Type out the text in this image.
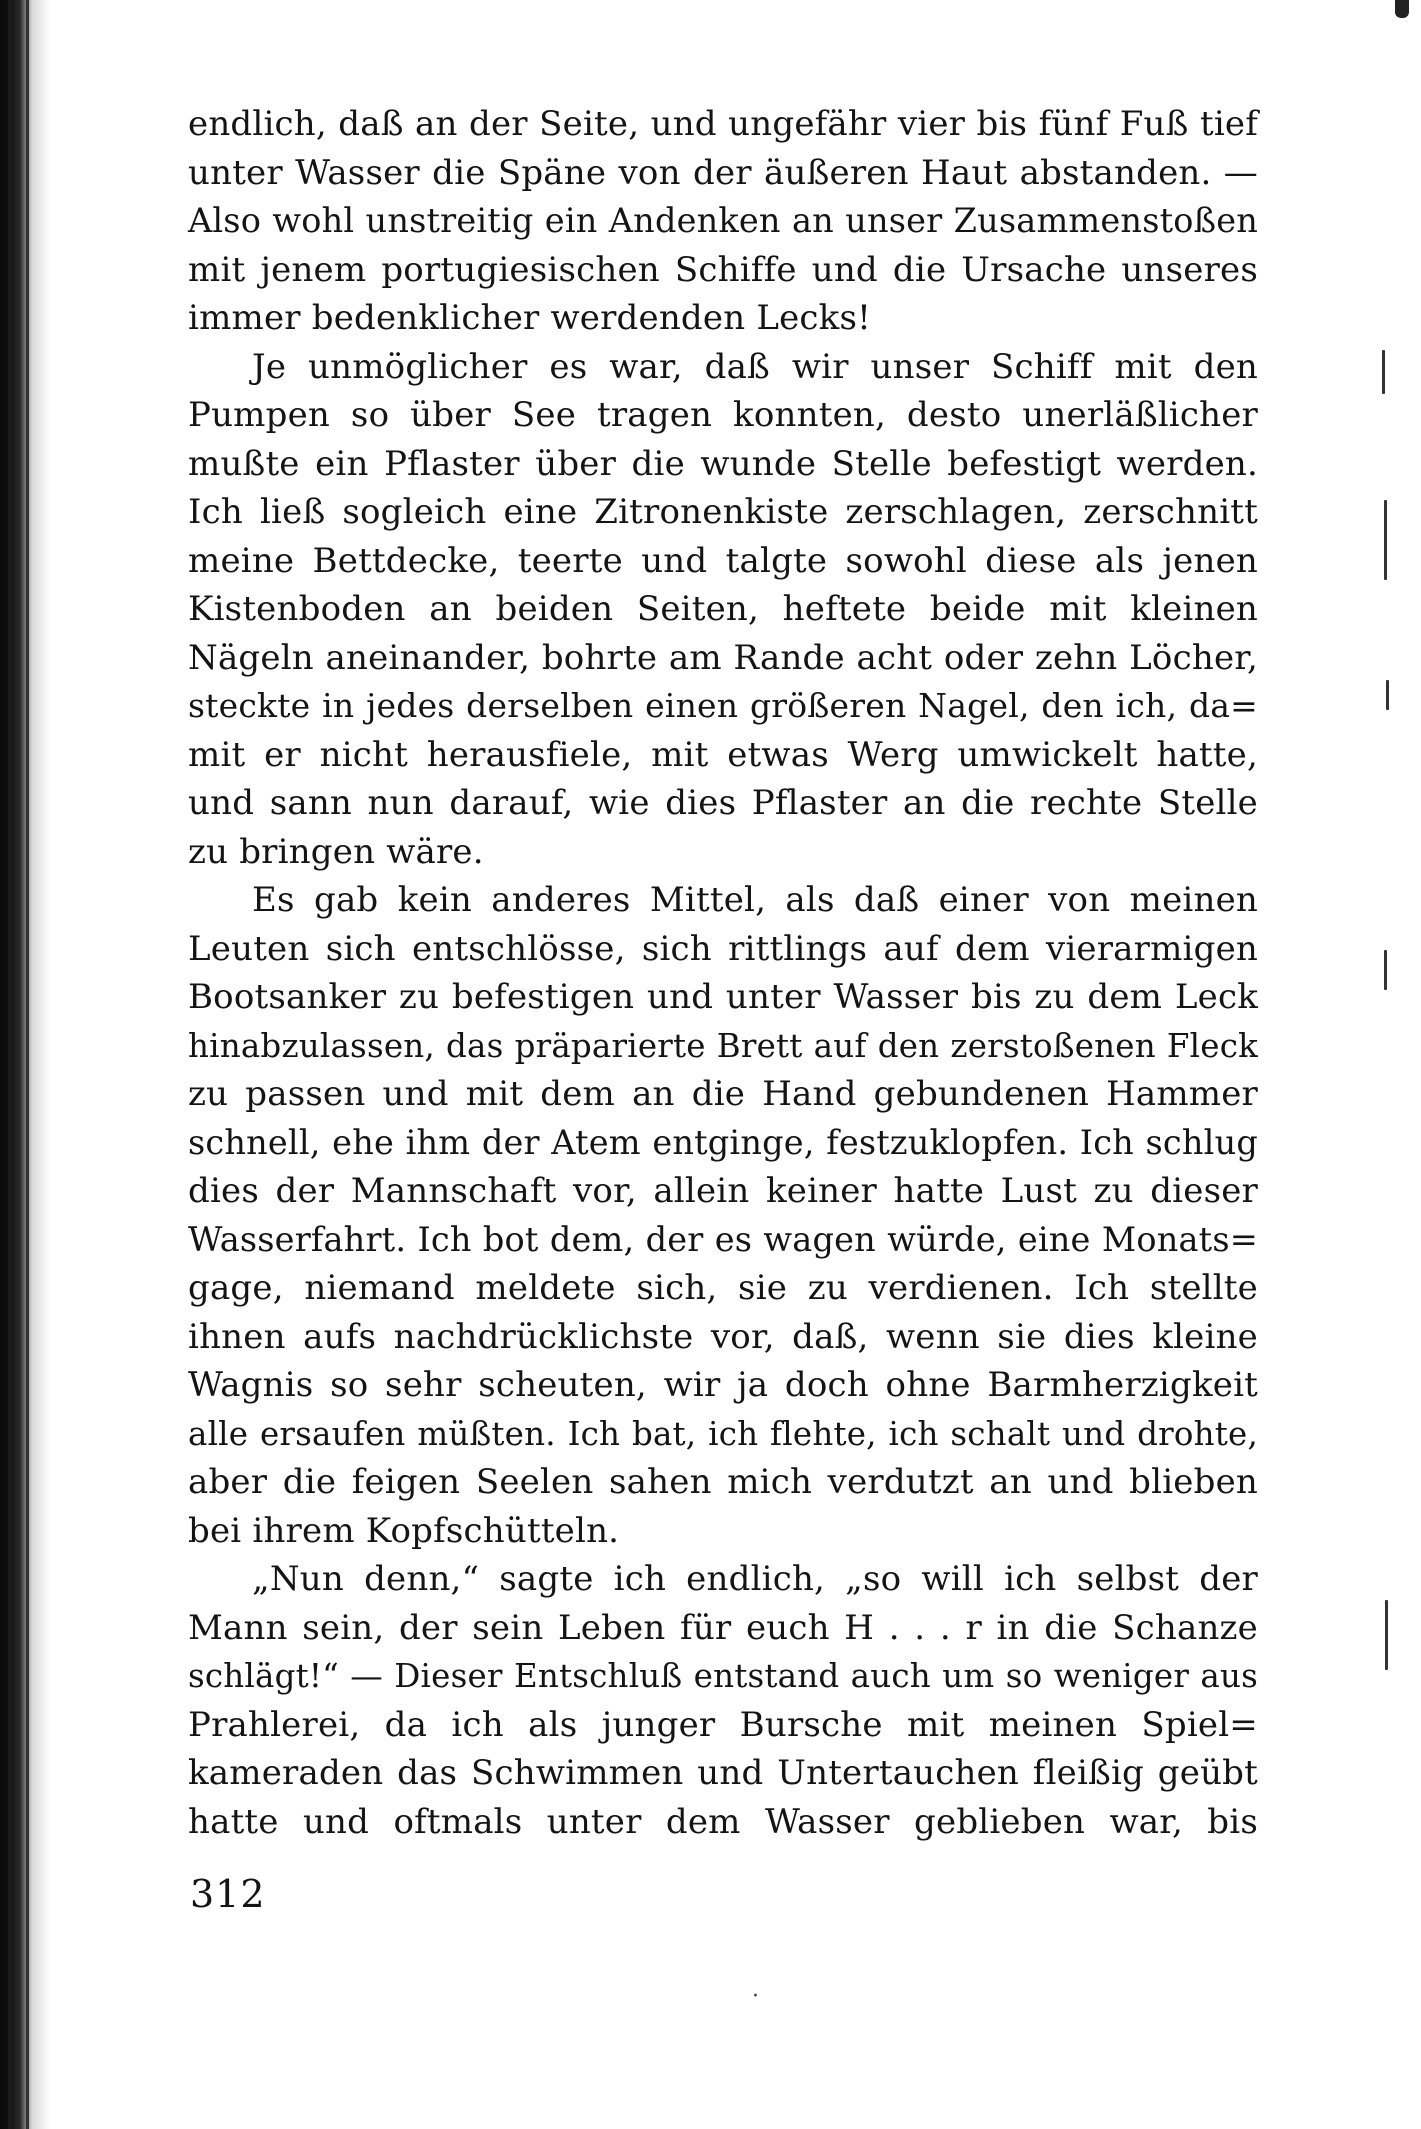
endlich, daß an der Seite, und ungefähr vier bis fünf Fuß tief
unter Wasser die Späne von der äußeren Haut abstanden. —
Also wohl unstreitig ein Andenken an unser Zusammenstoßen
mit jenem portugiesischen Schiffe und die Ursache unseres
immer bedenklicher werdenden Lecks!
Je unmöglicher es war, daß wir unser Schiff mit den
Pumpen so über See tragen konnten, desto unerläßlicher
mußte ein Pflaster über die wunde Stelle befestigt werden.
Ich ließ sogleich eine Zitronenkiste zerschlagen, zerschnitt
meine Bettdecke, teerte und talgte sowohl diese als jenen
Kistenboden an beiden Seiten, heftete beide mit kleinen
Nägeln aneinander, bohrte am Rande acht oder zehn Löcher,
steckte in jedes derselben einen größeren Nagel, den ich, da=
mit er nicht herausfiele, mit etwas Werg umwickelt hatte,
und sann nun darauf, wie dies Pflaster an die rechte Stelle
zu bringen wäre.
Es gab kein anderes Mittel, als daß einer von meinen
Leuten sich entschlösse, sich rittlings auf dem vierarmigen
Bootsanker zu befestigen und unter Wasser bis zu dem Leck
hinabzulassen, das präparierte Brett auf den zerstoßenen Fleck
zu passen und mit dem an die Hand gebundenen Hammer
schnell, ehe ihm der Atem entginge, festzuklopfen. Ich schlug
dies der Mannschaft vor, allein keiner hatte Lust zu dieser
Wasserfahrt. Ich bot dem, der es wagen würde, eine Monats=
gage, niemand meldete sich, sie zu verdienen. Ich stellte
ihnen aufs nachdrücklichste vor, daß, wenn sie dies kleine
Wagnis so sehr scheuten, wir ja doch ohne Barmherzigkeit
alle ersaufen müßten. Ich bat, ich flehte, ich schalt und drohte,
aber die feigen Seelen sahen mich verdutzt an und blieben
bei ihrem Kopfschütteln.
„Nun denn,“ sagte ich endlich, „so will ich selbst der
Mann sein, der sein Leben für euch H . . . r in die Schanze
schlägt!“ — Dieser Entschluß entstand auch um so weniger aus
Prahlerei, da ich als junger Bursche mit meinen Spiel=
kameraden das Schwimmen und Untertauchen fleißig geübt
hatte und oftmals unter dem Wasser geblieben war, bis
312
·
